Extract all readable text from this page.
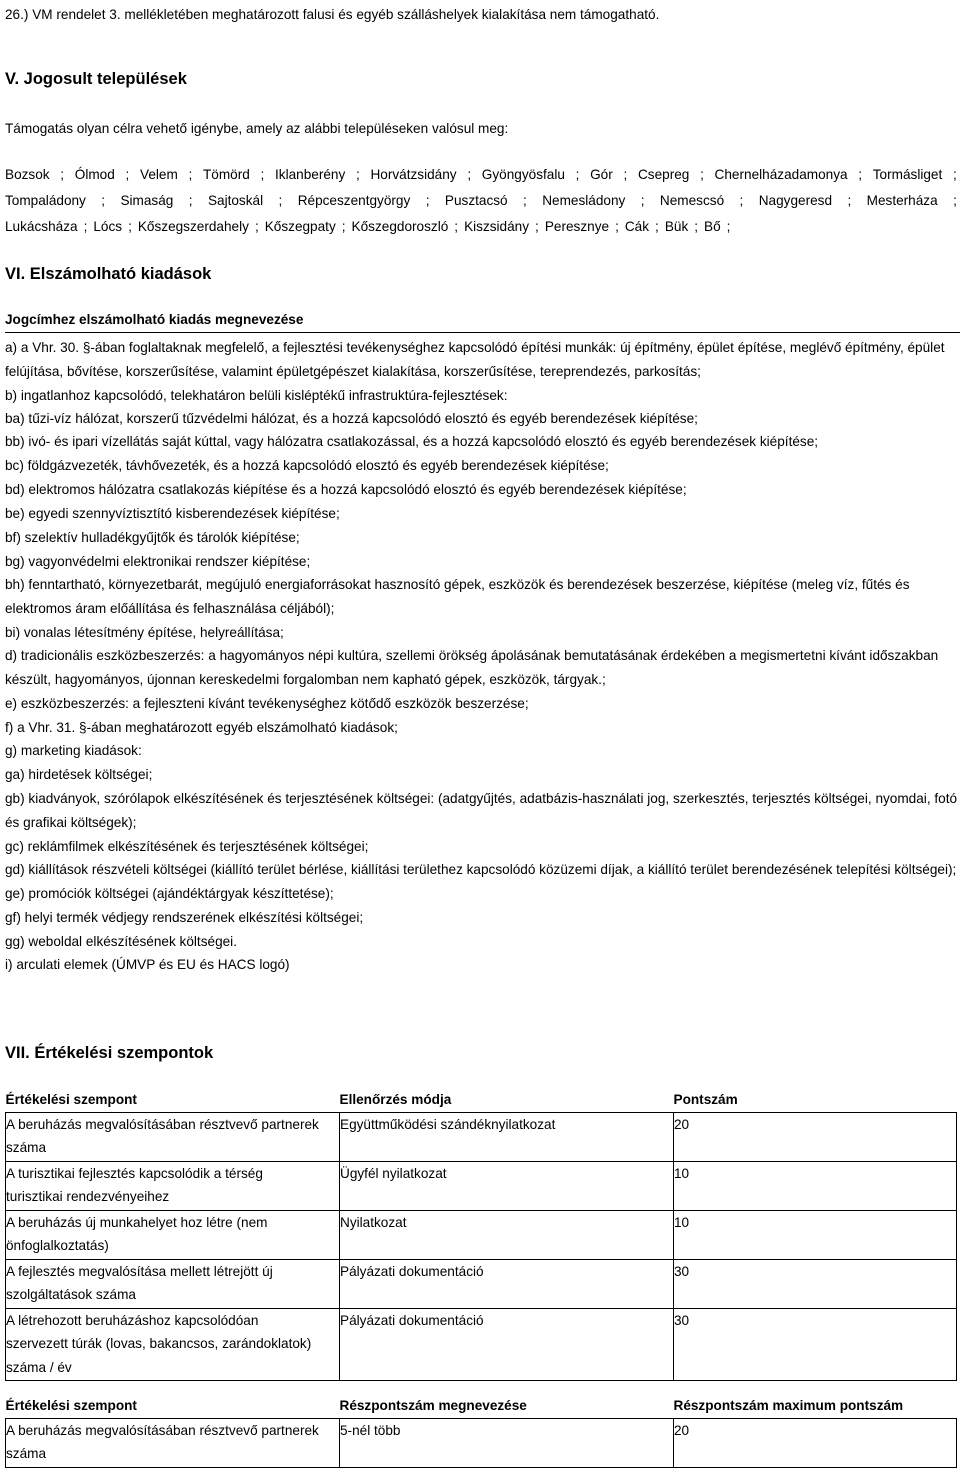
26.) VM rendelet 3. mellékletében meghatározott falusi és egyéb szálláshelyek kialakítása nem támogatható.
V. Jogosult települések
Támogatás olyan célra vehető igénybe, amely az alábbi településeken valósul meg:
Bozsok ; Ólmod ; Velem ; Tömörd ; Iklanberény ; Horvátzsidány ; Gyöngyösfalu ; Gór ; Csepreg ; Chernelházadamonya ; Tormásliget ;
Tompaládony ; Simaság ; Sajtoskál ; Répceszentgyörgy ; Pusztacsó ; Nemesládony ; Nemescsó ; Nagygeresd ; Mesterháza ;
Lukácsháza ; Lócs ; Kőszegszerdahely ; Kőszegpaty ; Kőszegdoroszló ; Kiszsidány ; Peresznye ; Cák ; Bük ; Bő ;
VI. Elszámolható kiadások
Jogcímhez elszámolható kiadás megnevezése
a) a Vhr. 30. §-ában foglaltaknak megfelelő, a fejlesztési tevékenységhez kapcsolódó építési munkák: új építmény, épület építése, meglévő építmény, épület
felújítása, bővítése, korszerűsítése, valamint épületgépészet kialakítása, korszerűsítése, tereprendezés, parkosítás;
b) ingatlanhoz kapcsolódó, telekhatáron belüli kisléptékű infrastruktúra-fejlesztések:
ba) tűzi-víz hálózat, korszerű tűzvédelmi hálózat, és a hozzá kapcsolódó elosztó és egyéb berendezések kiépítése;
bb) ivó- és ipari vízellátás saját kúttal, vagy hálózatra csatlakozással, és a hozzá kapcsolódó elosztó és egyéb berendezések kiépítése;
bc) földgázvezeték, távhővezeték, és a hozzá kapcsolódó elosztó és egyéb berendezések kiépítése;
bd) elektromos hálózatra csatlakozás kiépítése és a hozzá kapcsolódó elosztó és egyéb berendezések kiépítése;
be) egyedi szennyvíztisztító kisberendezések kiépítése;
bf) szelektív hulladékgyűjtők és tárolók kiépítése;
bg) vagyonvédelmi elektronikai rendszer kiépítése;
bh) fenntartható, környezetbarát, megújuló energiaforrásokat hasznosító gépek, eszközök és berendezések beszerzése, kiépítése (meleg víz, fűtés és
elektromos áram előállítása és felhasználása céljából);
bi) vonalas létesítmény építése, helyreállítása;
d) tradicionális eszközbeszerzés: a hagyományos népi kultúra, szellemi örökség ápolásának bemutatásának érdekében a megismertetni kívánt időszakban
készült, hagyományos, újonnan kereskedelmi forgalomban nem kapható gépek, eszközök, tárgyak.;
e) eszközbeszerzés: a fejleszteni kívánt tevékenységhez kötődő eszközök beszerzése;
f) a Vhr. 31. §-ában meghatározott egyéb elszámolható kiadások;
g) marketing kiadások:
ga) hirdetések költségei;
gb) kiadványok, szórólapok elkészítésének és terjesztésének költségei: (adatgyűjtés, adatbázis-használati jog, szerkesztés, terjesztés költségei, nyomdai, fotó
és grafikai költségek);
gc) reklámfilmek elkészítésének és terjesztésének költségei;
gd) kiállítások részvételi költségei (kiállító terület bérlése, kiállítási területhez kapcsolódó közüzemi díjak, a kiállító terület berendezésének telepítési költségei);
ge) promóciók költségei (ajándéktárgyak készíttetése);
gf) helyi termék védjegy rendszerének elkészítési költségei;
gg) weboldal elkészítésének költségei.
i) arculati elemek (ÚMVP és EU és HACS logó)
VII. Értékelési szempontok
Értékelési szempont	Ellenőrzés módja	Pontszám
A beruházás megvalósításában résztvevő partnerek száma	Együttműködési szándéknyilatkozat	20
A turisztikai fejlesztés kapcsolódik a térség turisztikai rendezvényeihez	Ügyfél nyilatkozat	10
A beruházás új munkahelyet hoz létre (nem önfoglalkoztatás)	Nyilatkozat	10
A fejlesztés megvalósítása mellett létrejött új szolgáltatások száma	Pályázati dokumentáció	30
A létrehozott beruházáshoz kapcsolódóan szervezett túrák (lovas, bakancsos, zarándoklatok) száma / év	Pályázati dokumentáció	30
Értékelési szempont	Részpontszám megnevezése	Részpontszám maximum pontszám
A beruházás megvalósításában résztvevő partnerek száma	5-nél több	20
